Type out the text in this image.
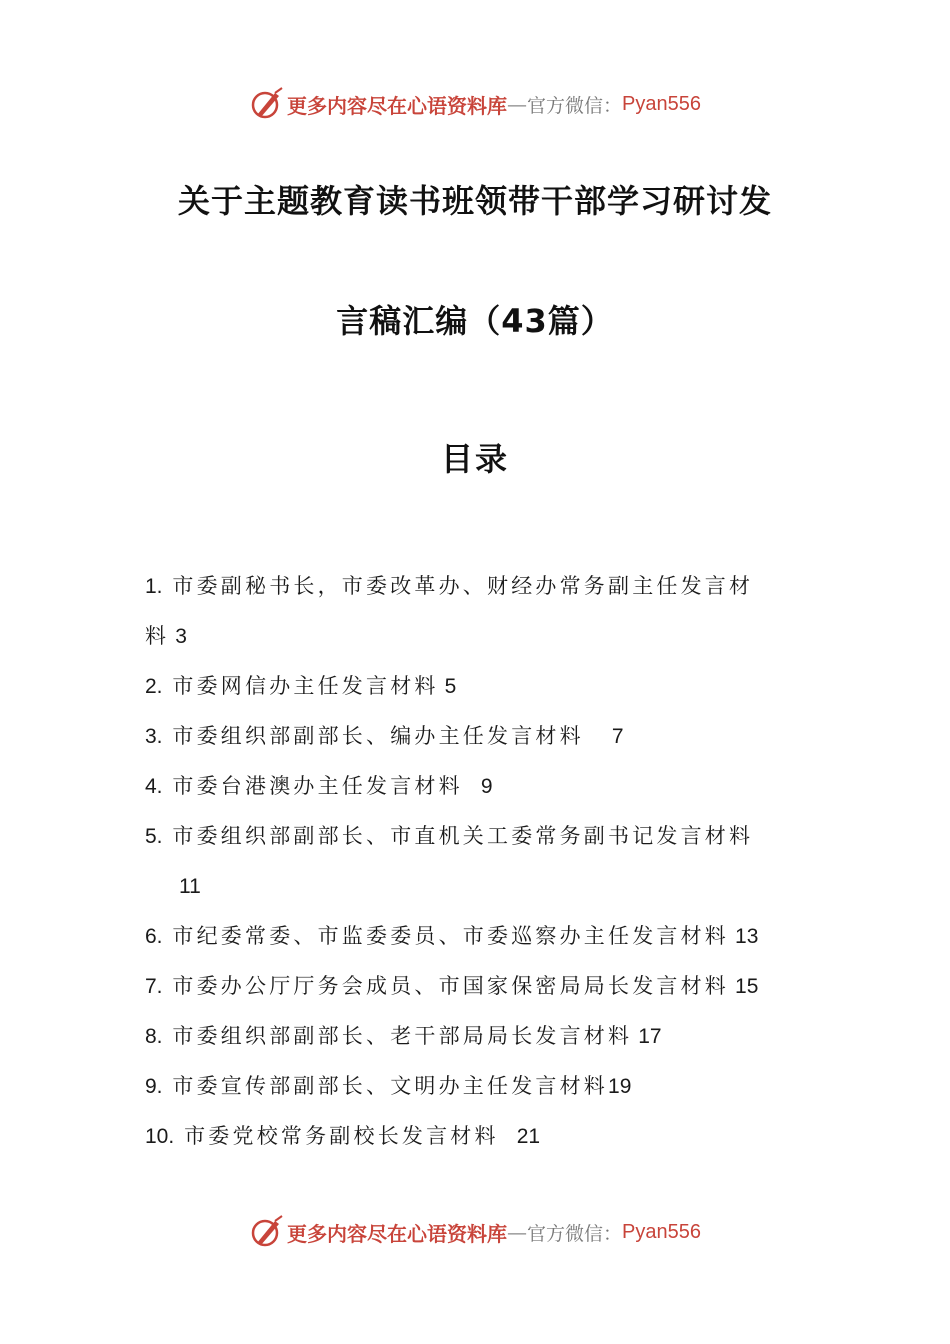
更多内容尽在心语资料库 — 官方微信： Pyan556
关于主题教育读书班领带干部学习研讨发
言稿汇编（43篇）
目录
1. 市委副秘书长，市委改革办、财经办常务副主任发言材
料 3
2. 市委网信办主任发言材料 5
3. 市委组织部副部长、编办主任发言材料 7
4. 市委台港澳办主任发言材料 9
5. 市委组织部副部长、市直机关工委常务副书记发言材料
11
6. 市纪委常委、市监委委员、市委巡察办主任发言材料 13
7. 市委办公厅厅务会成员、市国家保密局局长发言材料 15
8. 市委组织部副部长、老干部局局长发言材料 17
9. 市委宣传部副部长、文明办主任发言材料19
10. 市委党校常务副校长发言材料 21
更多内容尽在心语资料库 — 官方微信： Pyan556
